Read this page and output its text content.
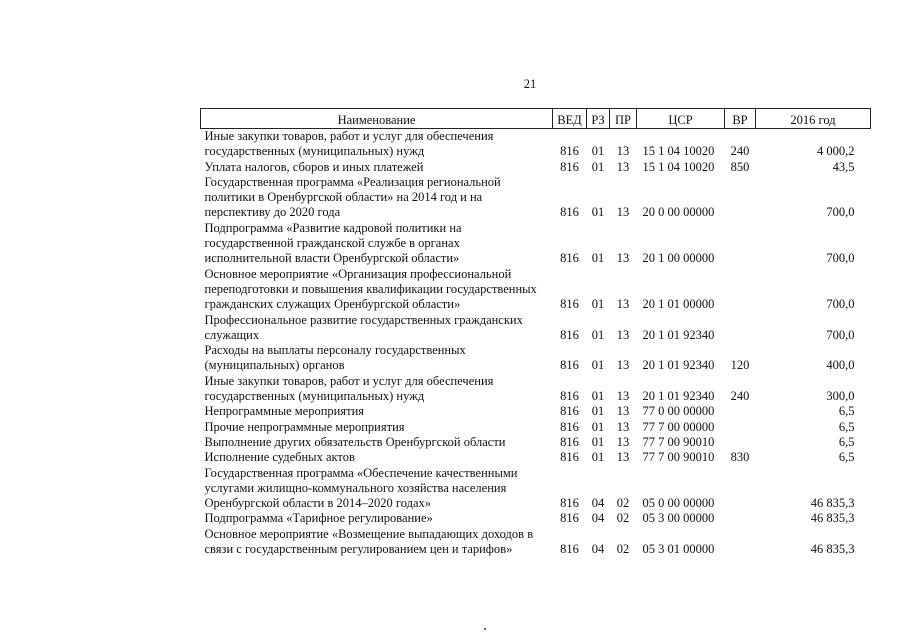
21
Наименование	ВЕД	РЗ	ПР	ЦСР	ВР	2016 год

Иные закупки товаров, работ и услуг для обеспечения
государственных (муниципальных) нужд	816	01	13	15 1 04 10020	240	4 000,2

Уплата налогов, сборов и иных платежей	816	01	13	15 1 04 10020	850	43,5

Государственная программа «Реализация региональной
политики в Оренбургской области» на 2014 год и на
перспективу до 2020 года	816	01	13	20 0 00 00000		700,0

Подпрограмма «Развитие кадровой политики на
государственной гражданской службе в органах
исполнительной власти Оренбургской области»	816	01	13	20 1 00 00000		700,0

Основное мероприятие «Организация профессиональной
переподготовки и повышения квалификации государственных
гражданских служащих Оренбургской области»	816	01	13	20 1 01 00000		700,0

Профессиональное развитие государственных гражданских
служащих	816	01	13	20 1 01 92340		700,0

Расходы на выплаты персоналу государственных
(муниципальных) органов	816	01	13	20 1 01 92340	120	400,0

Иные закупки товаров, работ и услуг для обеспечения
государственных (муниципальных) нужд	816	01	13	20 1 01 92340	240	300,0

Непрограммные мероприятия	816	01	13	77 0 00 00000		6,5

Прочие непрограммные мероприятия	816	01	13	77 7 00 00000		6,5

Выполнение других обязательств Оренбургской области	816	01	13	77 7 00 90010		6,5

Исполнение судебных актов	816	01	13	77 7 00 90010	830	6,5

Государственная программа «Обеспечение качественными
услугами жилищно-коммунального хозяйства населения
Оренбургской области в 2014–2020 годах»	816	04	02	05 0 00 00000		46 835,3

Подпрограмма «Тарифное регулирование»	816	04	02	05 3 00 00000		46 835,3

Основное мероприятие «Возмещение выпадающих доходов в
связи с государственным регулированием цен и тарифов»	816	04	02	05 3 01 00000		46 835,3
